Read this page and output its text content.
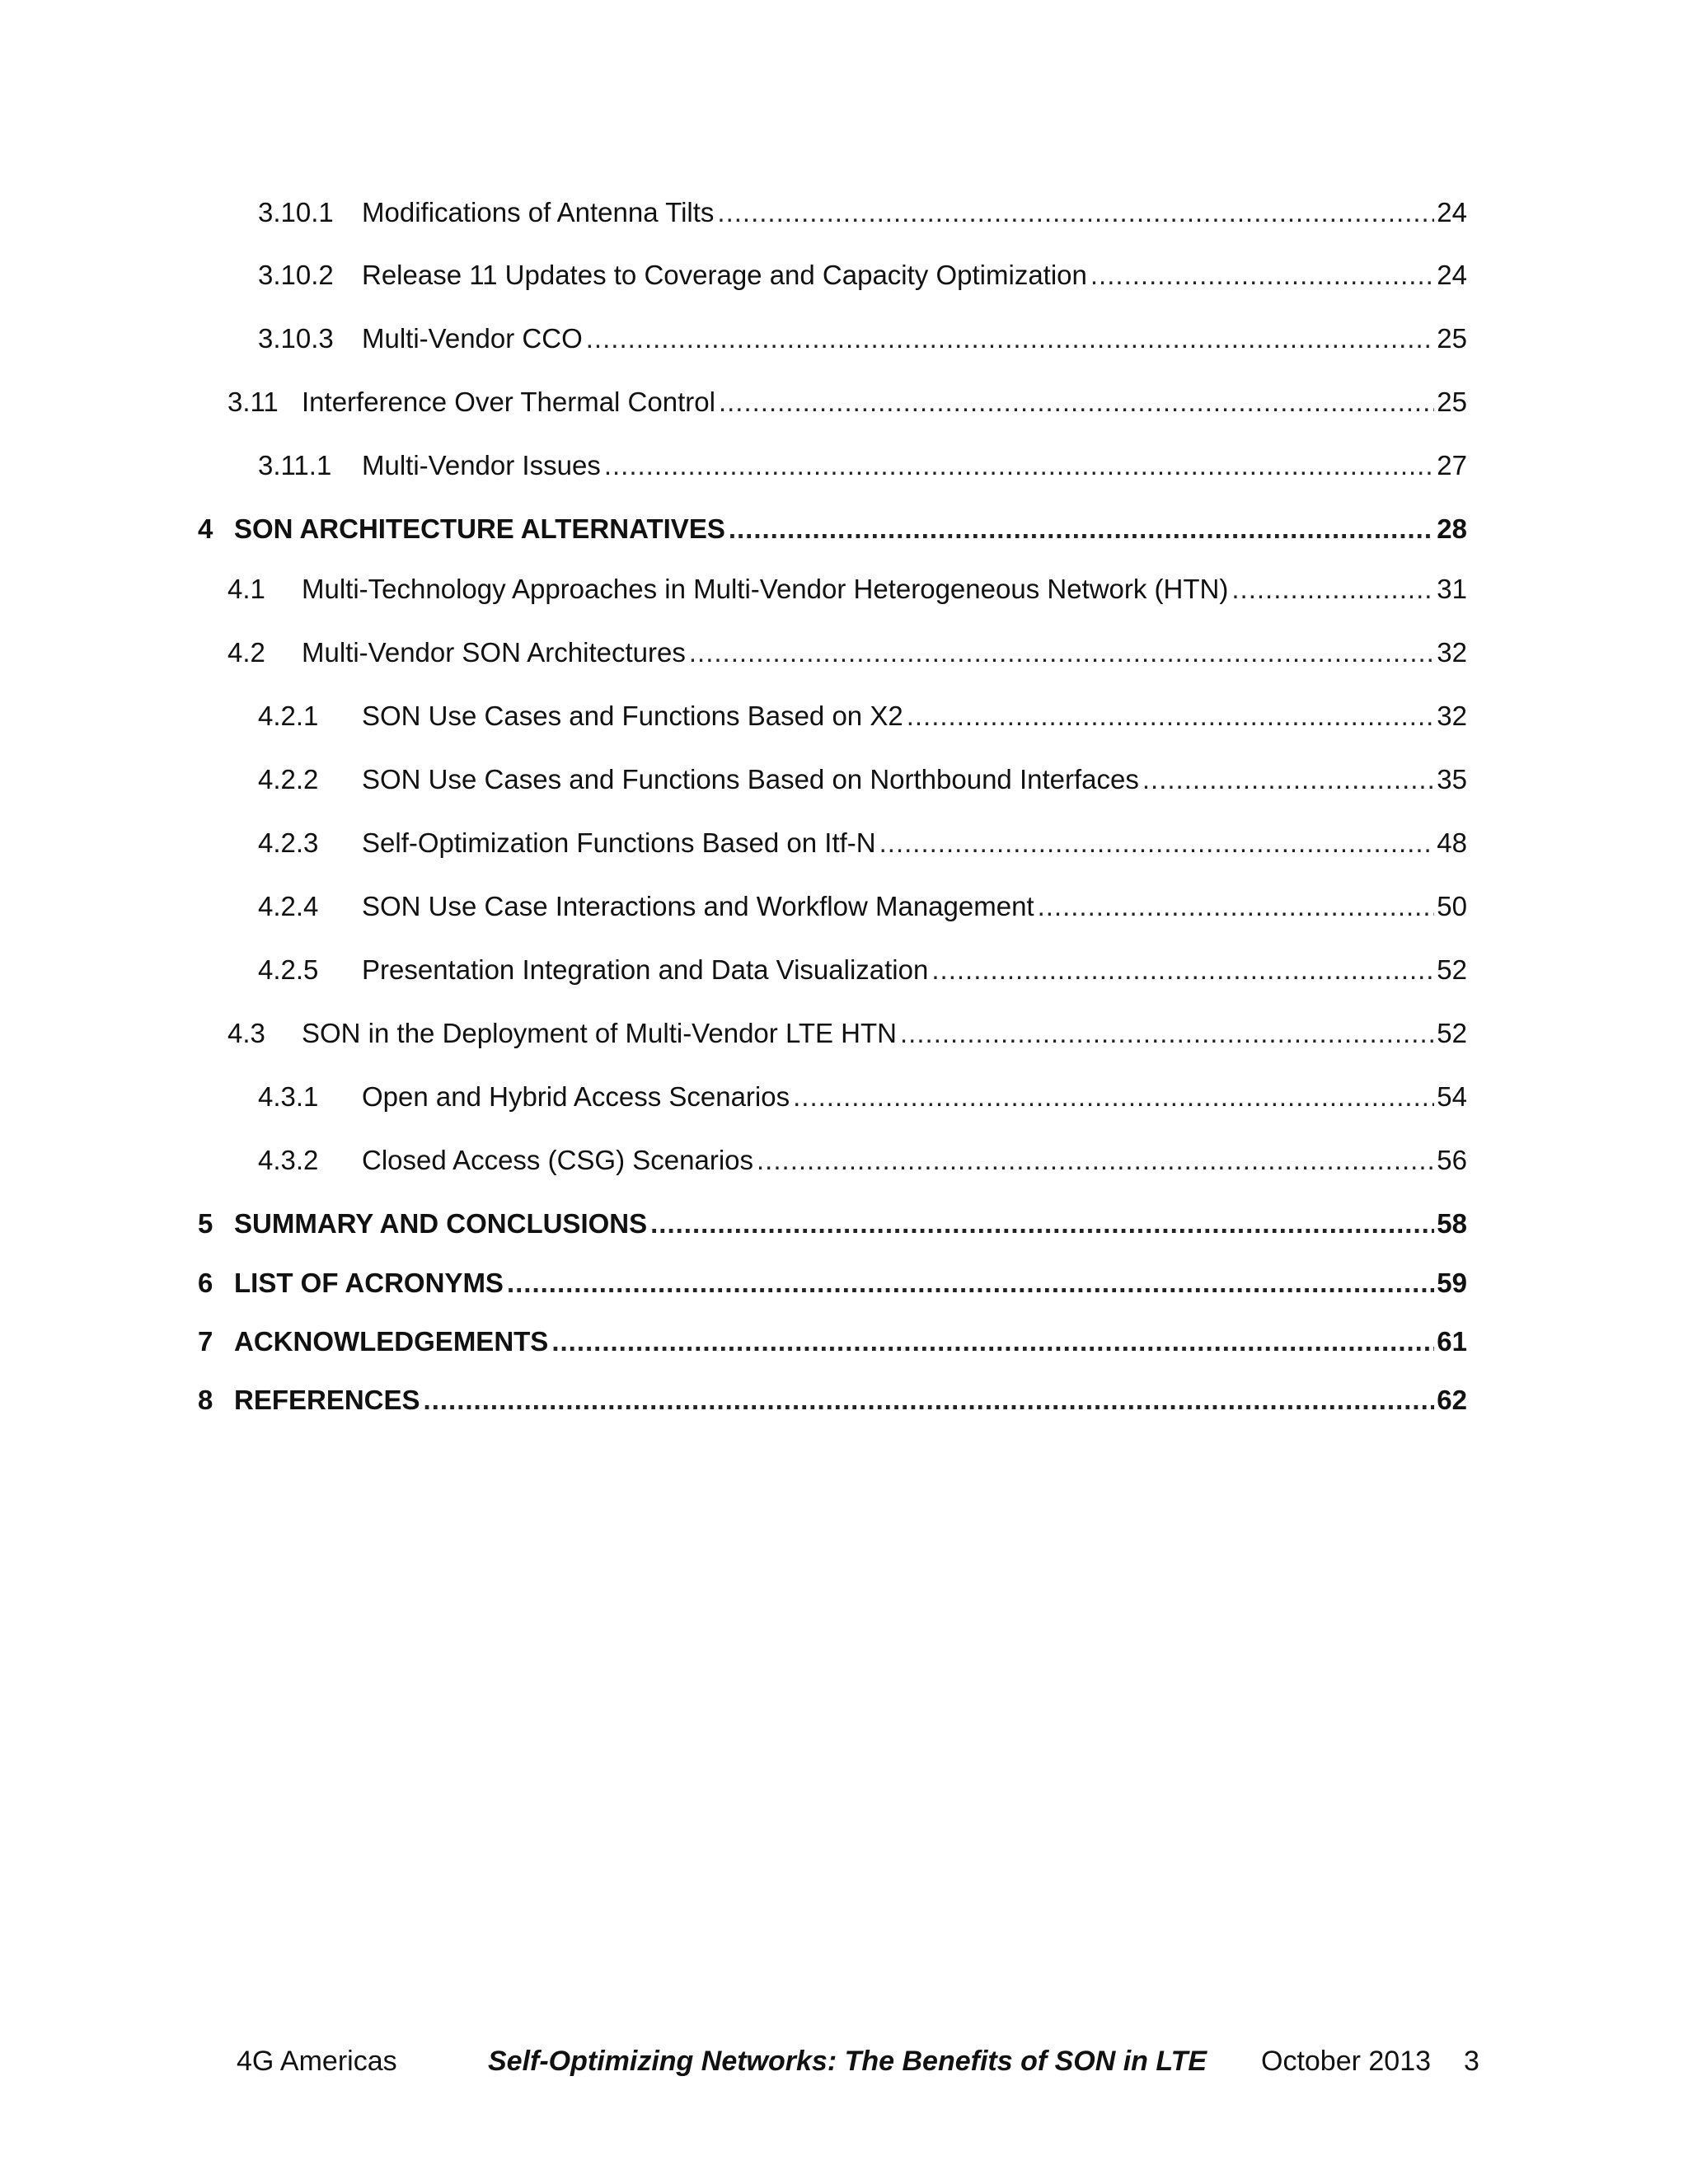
3.10.1 Modifications of Antenna Tilts .....	24
3.10.2 Release 11 Updates to Coverage and Capacity Optimization .....	24
3.10.3 Multi-Vendor CCO .....	25
3.11 Interference Over Thermal Control .....	25
3.11.1 Multi-Vendor Issues .....	27
4 SON ARCHITECTURE ALTERNATIVES .....	28
4.1 Multi-Technology Approaches in Multi-Vendor Heterogeneous Network (HTN) .....	31
4.2 Multi-Vendor SON Architectures .....	32
4.2.1 SON Use Cases and Functions Based on X2 .....	32
4.2.2 SON Use Cases and Functions Based on Northbound Interfaces .....	35
4.2.3 Self-Optimization Functions Based on Itf-N .....	48
4.2.4 SON Use Case Interactions and Workflow Management .....	50
4.2.5 Presentation Integration and Data Visualization .....	52
4.3 SON in the Deployment of Multi-Vendor LTE HTN .....	52
4.3.1 Open and Hybrid Access Scenarios .....	54
4.3.2 Closed Access (CSG) Scenarios .....	56
5 SUMMARY AND CONCLUSIONS .....	58
6 LIST OF ACRONYMS .....	59
7 ACKNOWLEDGEMENTS .....	61
8 REFERENCES .....	62
4G Americas	Self-Optimizing Networks: The Benefits of SON in LTE October 2013 3
